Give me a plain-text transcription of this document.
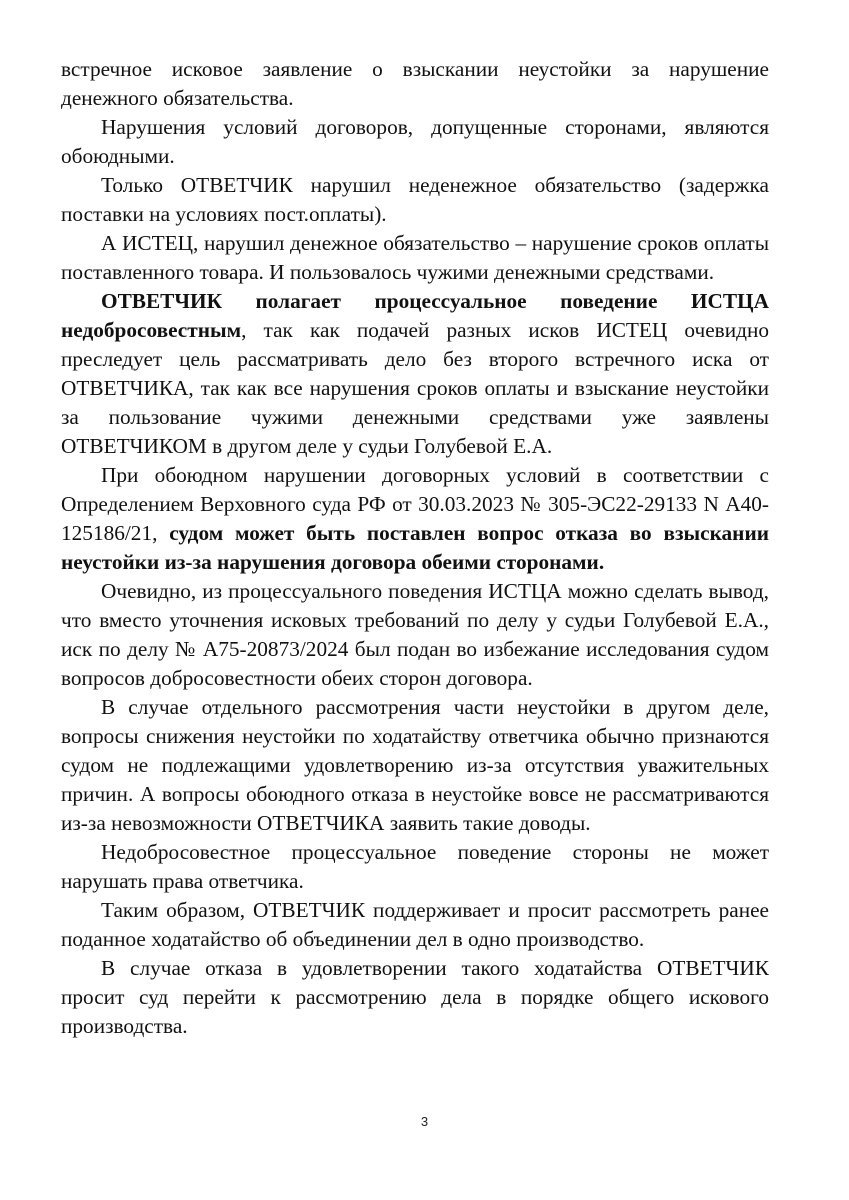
встречное исковое заявление о взыскании неустойки за нарушение денежного обязательства.

Нарушения условий договоров, допущенные сторонами, являются обоюдными.

Только ОТВЕТЧИК нарушил неденежное обязательство (задержка поставки на условиях пост.оплаты).

А ИСТЕЦ, нарушил денежное обязательство – нарушение сроков оплаты поставленного товара. И пользовалось чужими денежными средствами.

ОТВЕТЧИК полагает процессуальное поведение ИСТЦА недобросовестным, так как подачей разных исков ИСТЕЦ очевидно преследует цель рассматривать дело без второго встречного иска от ОТВЕТЧИКА, так как все нарушения сроков оплаты и взыскание неустойки за пользование чужими денежными средствами уже заявлены ОТВЕТЧИКОМ в другом деле у судьи Голубевой Е.А.

При обоюдном нарушении договорных условий в соответствии с Определением Верховного суда РФ от 30.03.2023 № 305-ЭС22-29133 N А40-125186/21, судом может быть поставлен вопрос отказа во взыскании неустойки из-за нарушения договора обеими сторонами.

Очевидно, из процессуального поведения ИСТЦА можно сделать вывод, что вместо уточнения исковых требований по делу у судьи Голубевой Е.А., иск по делу № А75-20873/2024 был подан во избежание исследования судом вопросов добросовестности обеих сторон договора.

В случае отдельного рассмотрения части неустойки в другом деле, вопросы снижения неустойки по ходатайству ответчика обычно признаются судом не подлежащими удовлетворению из-за отсутствия уважительных причин. А вопросы обоюдного отказа в неустойке вовсе не рассматриваются из-за невозможности ОТВЕТЧИКА заявить такие доводы.

Недобросовестное процессуальное поведение стороны не может нарушать права ответчика.

Таким образом, ОТВЕТЧИК поддерживает и просит рассмотреть ранее поданное ходатайство об объединении дел в одно производство.

В случае отказа в удовлетворении такого ходатайства ОТВЕТЧИК просит суд перейти к рассмотрению дела в порядке общего искового производства.

3
